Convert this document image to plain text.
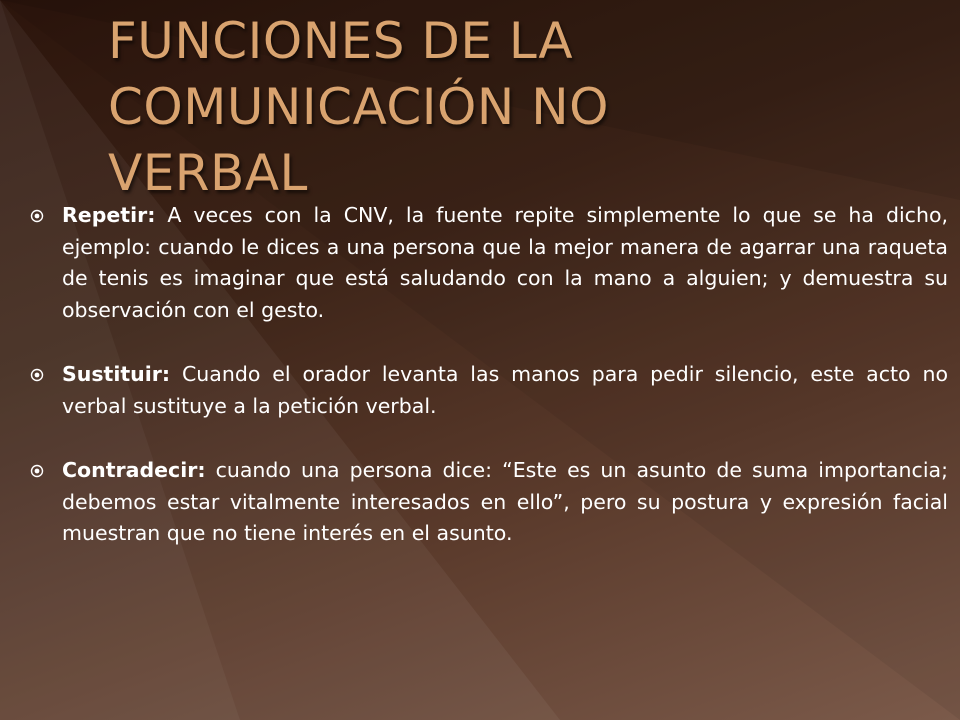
FUNCIONES DE LA
COMUNICACIÓN NO
VERBAL
Repetir: A veces con la CNV, la fuente repite simplemente lo que se ha dicho, ejemplo: cuando le dices a una persona que la mejor manera de agarrar una raqueta de tenis es imaginar que está saludando con la mano a alguien; y demuestra su observación con el gesto.
Sustituir: Cuando el orador levanta las manos para pedir silencio, este acto no verbal sustituye a la petición verbal.
Contradecir: cuando una persona dice: “Este es un asunto de suma importancia; debemos estar vitalmente interesados en ello”, pero su postura y expresión facial muestran que no tiene interés en el asunto.
